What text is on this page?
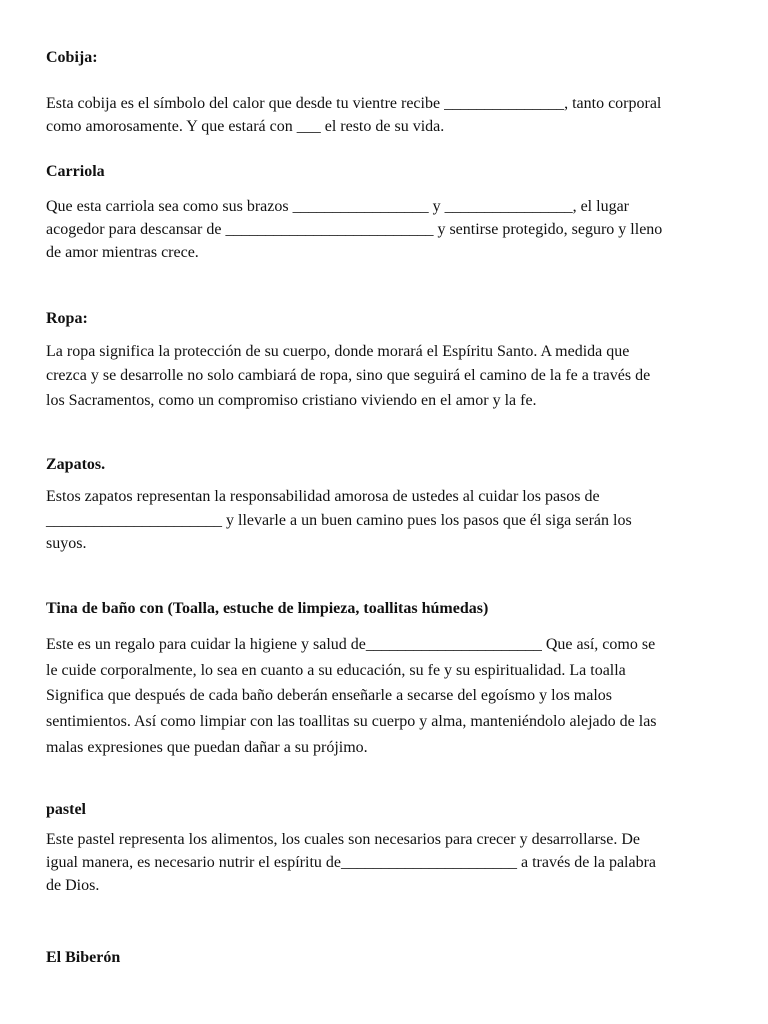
Cobija:

Esta cobija es el símbolo del calor que desde tu vientre recibe _______________, tanto corporal
como amorosamente. Y que estará con ___ el resto de su vida.

Carriola

Que esta carriola sea como sus brazos _________________ y ________________, el lugar
acogedor para descansar de __________________________ y sentirse protegido, seguro y lleno
de amor mientras crece.

Ropa:

La ropa significa la protección de su cuerpo, donde morará el Espíritu Santo. A medida que
crezca y se desarrolle no solo cambiará de ropa, sino que seguirá el camino de la fe a través de
los Sacramentos, como un compromiso cristiano viviendo en el amor y la fe.

Zapatos.

Estos zapatos representan la responsabilidad amorosa de ustedes al cuidar los pasos de
______________________ y llevarle a un buen camino pues los pasos que él siga serán los
suyos.

Tina de baño con (Toalla, estuche de limpieza, toallitas húmedas)

Este es un regalo para cuidar la higiene y salud de______________________ Que así, como se
le cuide corporalmente, lo sea en cuanto a su educación, su fe y su espiritualidad. La toalla
Significa que después de cada baño deberán enseñarle a secarse del egoísmo y los malos
sentimientos. Así como limpiar con las toallitas su cuerpo y alma, manteniéndolo alejado de las
malas expresiones que puedan dañar a su prójimo.

pastel

Este pastel representa los alimentos, los cuales son necesarios para crecer y desarrollarse. De
igual manera, es necesario nutrir el espíritu de______________________ a través de la palabra
de Dios.

El Biberón
